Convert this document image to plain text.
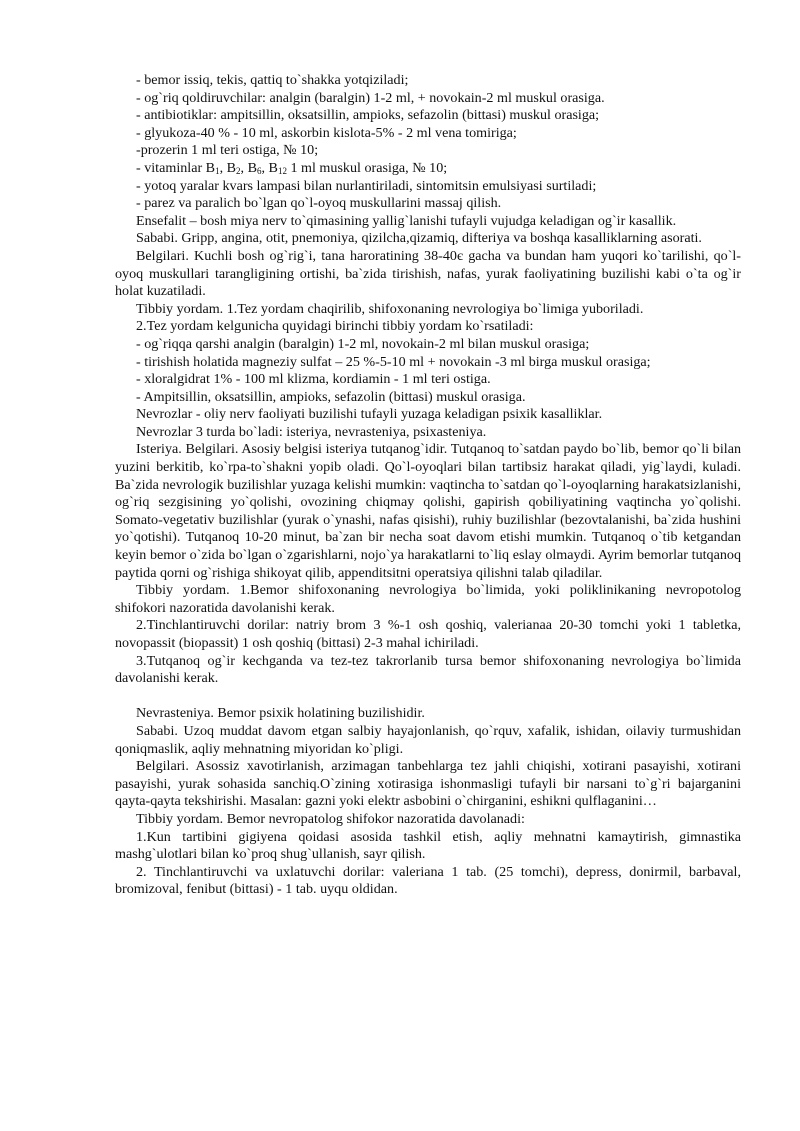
- bemor issiq, tekis, qattiq to`shakka yotqiziladi;

- og`riq qoldiruvchilar: analgin (baralgin) 1-2 ml, + novokain-2 ml muskul orasiga.

- antibiotiklar: ampitsillin, oksatsillin, ampioks, sefazolin (bittasi) muskul orasiga;

- glyukoza-40 % - 10 ml, askorbin kislota-5% - 2 ml vena tomiriga;

-prozerin 1 ml teri ostiga, № 10;

- vitaminlar $B_1$, $B_2$, $B_6$, $B_{12}$ 1 ml muskul orasiga, № 10;

- yotoq yaralar kvars lampasi bilan nurlantiriladi, sintomitsin emulsiyasi surtiladi;

- parez va paralich bo`lgan qo`l-oyoq muskullarini massaj qilish.

Ensefalit – bosh miya nerv to`qimasining yallig`lanishi tufayli vujudga keladigan og`ir kasallik.

Sababi. Gripp, angina, otit, pnemoniya, qizilcha,qizamiq, difteriya va boshqa kasalliklarning asorati.

Belgilari. Kuchli bosh og`rig`i, tana haroratining 38-40є gacha va bundan ham yuqori ko`tarilishi, qo`l-oyoq muskullari tarangligining ortishi, ba`zida tirishish, nafas, yurak faoliyatining buzilishi kabi o`ta og`ir holat kuzatiladi.

Tibbiy yordam. 1.Tez yordam chaqirilib, shifoxonaning nevrologiya bo`limiga yuboriladi.

2.Tez yordam kelgunicha quyidagi birinchi tibbiy yordam ko`rsatiladi:

- og`riqqa qarshi analgin (baralgin) 1-2 ml, novokain-2 ml bilan muskul orasiga;

- tirishish holatida magneziy sulfat – 25 %-5-10 ml + novokain -3 ml birga muskul orasiga;

- xloralgidrat 1% - 100 ml klizma, kordiamin - 1 ml teri ostiga.

- Ampitsillin, oksatsillin, ampioks, sefazolin (bittasi) muskul orasiga.

Nevrozlar - oliy nerv faoliyati buzilishi tufayli yuzaga keladigan psixik kasalliklar.

Nevrozlar 3 turda bo`ladi: isteriya, nevrasteniya, psixasteniya.

Isteriya. Belgilari. Asosiy belgisi isteriya tutqanog`idir. Tutqanoq to`satdan paydo bo`lib, bemor qo`li bilan yuzini berkitib, ko`rpa-to`shakni yopib oladi. Qo`l-oyoqlari bilan tartibsiz harakat qiladi, yig`laydi, kuladi. Ba`zida nevrologik buzilishlar yuzaga kelishi mumkin: vaqtincha to`satdan qo`l-oyoqlarning harakatsizlanishi, og`riq sezgisining yo`qolishi, ovozining chiqmay qolishi, gapirish qobiliyatining vaqtincha yo`qolishi. Somato-vegetativ buzilishlar (yurak o`ynashi, nafas qisishi), ruhiy buzilishlar (bezovtalanishi, ba`zida hushini yo`qotishi). Tutqanoq 10-20 minut, ba`zan bir necha soat davom etishi mumkin. Tutqanoq o`tib ketgandan keyin bemor o`zida bo`lgan o`zgarishlarni, nojo`ya harakatlarni to`liq eslay olmaydi. Ayrim bemorlar tutqanoq paytida qorni og`rishiga shikoyat qilib, appenditsitni operatsiya qilishni talab qiladilar.

Tibbiy yordam. 1.Bemor shifoxonaning nevrologiya bo`limida, yoki poliklinikaning nevropotolog shifokori nazoratida davolanishi kerak.

2.Tinchlantiruvchi dorilar: natriy brom 3 %-1 osh qoshiq, valerianaa 20-30 tomchi yoki 1 tabletka, novopassit (biopassit) 1 osh qoshiq (bittasi) 2-3 mahal ichiriladi.

3.Tutqanoq og`ir kechganda va tez-tez takrorlanib tursa bemor shifoxonaning nevrologiya bo`limida davolanishi kerak.

Nevrasteniya. Bemor psixik holatining buzilishidir.

Sababi. Uzoq muddat davom etgan salbiy hayajonlanish, qo`rquv, xafalik, ishidan, oilaviy turmushidan qoniqmaslik, aqliy mehnatning miyoridan ko`pligi.

Belgilari. Asossiz xavotirlanish, arzimagan tanbehlarga tez jahli chiqishi, xotirani pasayishi, xotirani pasayishi, yurak sohasida sanchiq.O`zining xotirasiga ishonmasligi tufayli bir narsani to`g`ri bajarganini qayta-qayta tekshirishi. Masalan: gazni yoki elektr asbobini o`chirganini, eshikni qulflaganini…

Tibbiy yordam. Bemor nevropatolog shifokor nazoratida davolanadi:

1.Kun tartibini gigiyena qoidasi asosida tashkil etish, aqliy mehnatni kamaytirish, gimnastika mashg`ulotlari bilan ko`proq shug`ullanish, sayr qilish.

2. Tinchlantiruvchi va uxlatuvchi dorilar: valeriana 1 tab. (25 tomchi), depress, donirmil, barbaval, bromizoval, fenibut (bittasi) - 1 tab. uyqu oldidan.
